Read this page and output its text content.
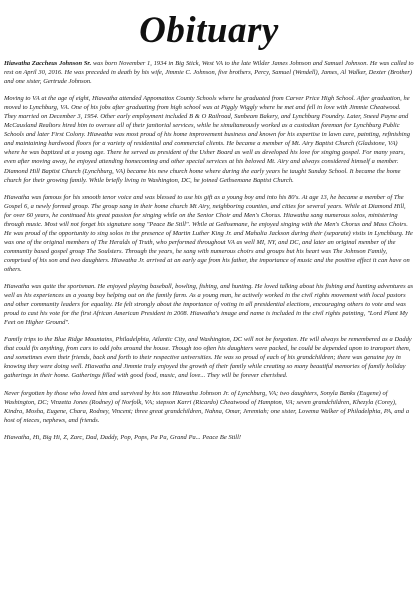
Obituary

Hiawatha Zaccheus Johnson Sr. was born November 1, 1934 in Big Stick, West VA to the late Wilder James Johnson and Samuel Johnson. He was called to rest on April 30, 2016. He was preceded in death by his wife, Jimmie C. Johnson, five brothers, Percy, Samuel (Wendell), James, Al Walker, Dexter (Brother) and one sister, Gertrude Johnson.

Moving to VA at the age of eight, Hiawatha attended Appomattox County Schools where he graduated from Carver Price High School. After graduation, he moved to Lynchburg, VA. One of his jobs after graduating from high school was at Piggly Wiggly where he met and fell in love with Jimmie Cheatwood. They married on December 3, 1954. Other early employment included B & O Railroad, Sunbeam Bakery, and Lynchburg Foundry. Later, Sneed Payne and McCausland Realtors hired him to oversee all of their janitorial services, while he simultaneously worked as a custodian foreman for Lynchburg Public Schools and later First Colony. Hiawatha was most proud of his home improvement business and known for his expertise in lawn care, painting, refinishing and maintaining hardwood floors for a variety of residential and commercial clients. He became a member of Mt. Airy Baptist Church (Gladstone, VA) where he was baptized at a young age. There he served as president of the Usher Board as well as developed his love for singing gospel. For many years, even after moving away, he enjoyed attending homecoming and other special services at his beloved Mt. Airy and always considered himself a member. Diamond Hill Baptist Church (Lynchburg, VA) became his new church home where during the early years he taught Sunday School. It became the home church for their growing family. While briefly living in Washington, DC, he joined Gethsemane Baptist Church.

Hiawatha was famous for his smooth tenor voice and was blessed to use his gift as a young boy and into his 80's. At age 13, he became a member of The Gospel 6, a newly formed group. The group sang in their home church Mt Airy, neighboring counties, and cities for several years. While at Diamond Hill, for over 60 years, he continued his great passion for singing while on the Senior Choir and Men's Chorus. Hiawatha sang numerous solos, ministering through music. Most will not forget his signature song "Peace Be Still". While at Gethsemane, he enjoyed singing with the Men's Chorus and Mass Choirs. He was proud of the opportunity to sing solos in the presence of Martin Luther King Jr. and Mahalia Jackson during their (separate) visits in Lynchburg. He was one of the original members of The Heralds of Truth, who performed throughout VA as well MI, NY, and DC, and later an original member of the community based gospel group The Soulsters. Through the years, he sang with numerous choirs and groups but his heart was The Johnson Family, comprised of his son and two daughters. Hiawatha Jr. arrived at an early age from his father, the importance of music and the positive effect it can have on others.

Hiawatha was quite the sportsman. He enjoyed playing baseball, bowling, fishing, and hunting. He loved talking about his fishing and hunting adventures as well as his experiences as a young boy helping out on the family farm. As a young man, he actively worked in the civil rights movement with local pastors and other community leaders for equality. He felt strongly about the importance of voting in all presidential elections, encouraging others to vote and was proud to cast his vote for the first African American President in 2008. Hiawatha's image and name is included in the civil rights painting, "Lord Plant My Feet on Higher Ground".

Family trips to the Blue Ridge Mountains, Philadelphia, Atlantic City, and Washington, DC will not be forgotten. He will always be remembered as a Daddy that could fix anything, from cars to odd jobs around the house. Though too often his daughters were packed, he could be depended upon to transport them, and sometimes even their friends, back and forth to their respective universities. He was so proud of each of his grandchildren; there was genuine joy in knowing they were doing well. Hiawatha and Jimmie truly enjoyed the growth of their family while creating so many beautiful memories of family holiday gatherings in their home. Gatherings filled with good food, music, and love... They will be forever cherished.

Never forgotten by those who loved him and survived by his son Hiawatha Johnson Jr. of Lynchburg, VA; two daughters, Sonyla Banks (Eugene) of Washington, DC; Vinzetta Jones (Rodney) of Norfolk, VA; stepson Karri (Ricardo) Cheatwood of Hampton, VA; seven grandchildren, Khezyla (Corey), Kindra, Mosha, Eugene, Chara, Rodney, Vincent; three great grandchildren, Nahna, Omar, Jeremiah; one sister, Lovema Walker of Philadelphia, PA, and a host of nieces, nephews, and friends.

Hiawatha, Hi, Big Hi, Z, Zarc, Dad, Daddy, Pop, Pops, Pa Pa, Grand Pa... Peace Be Still!
